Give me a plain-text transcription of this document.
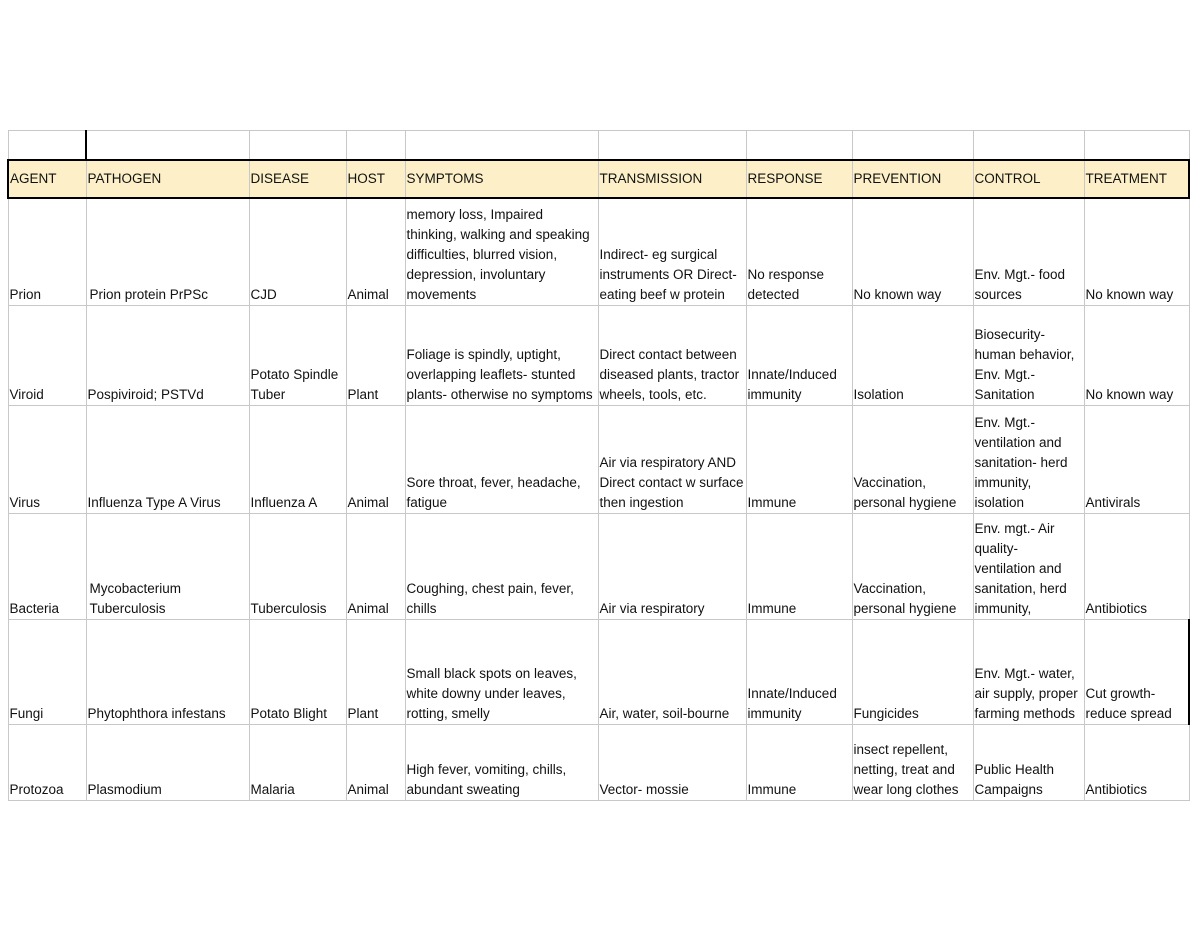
AGENT	PATHOGEN	DISEASE	HOST	SYMPTOMS	TRANSMISSION	RESPONSE	PREVENTION	CONTROL	TREATMENT
Prion	Prion protein PrPSc	CJD	Animal	memory loss, Impaired thinking, walking and speaking difficulties, blurred vision, depression, involuntary movements	Indirect- eg surgical instruments OR Direct- eating beef w protein	No response detected	No known way	Env. Mgt.- food sources	No known way
Viroid	Pospiviroid; PSTVd	Potato Spindle Tuber	Plant	Foliage is spindly, uptight, overlapping leaflets- stunted plants- otherwise no symptoms	Direct contact between diseased plants, tractor wheels, tools, etc.	Innate/Induced immunity	Isolation	Biosecurity- human behavior, Env. Mgt.- Sanitation	No known way
Virus	Influenza Type A Virus	Influenza A	Animal	Sore throat, fever, headache, fatigue	Air via respiratory AND Direct contact w surface then ingestion	Immune	Vaccination, personal hygiene	Env. Mgt.- ventilation and sanitation- herd immunity, isolation	Antivirals
Bacteria	Mycobacterium Tuberculosis	Tuberculosis	Animal	Coughing, chest pain, fever, chills	Air via respiratory	Immune	Vaccination, personal hygiene	Env. mgt.- Air quality- ventilation and sanitation, herd immunity,	Antibiotics
Fungi	Phytophthora infestans	Potato Blight	Plant	Small black spots on leaves, white downy under leaves, rotting, smelly	Air, water, soil-bourne	Innate/Induced immunity	Fungicides	Env. Mgt.- water, air supply, proper farming methods	Cut growth-reduce spread
Protozoa	Plasmodium	Malaria	Animal	High fever, vomiting, chills, abundant sweating	Vector- mossie	Immune	insect repellent, netting, treat and wear long clothes	Public Health Campaigns	Antibiotics
